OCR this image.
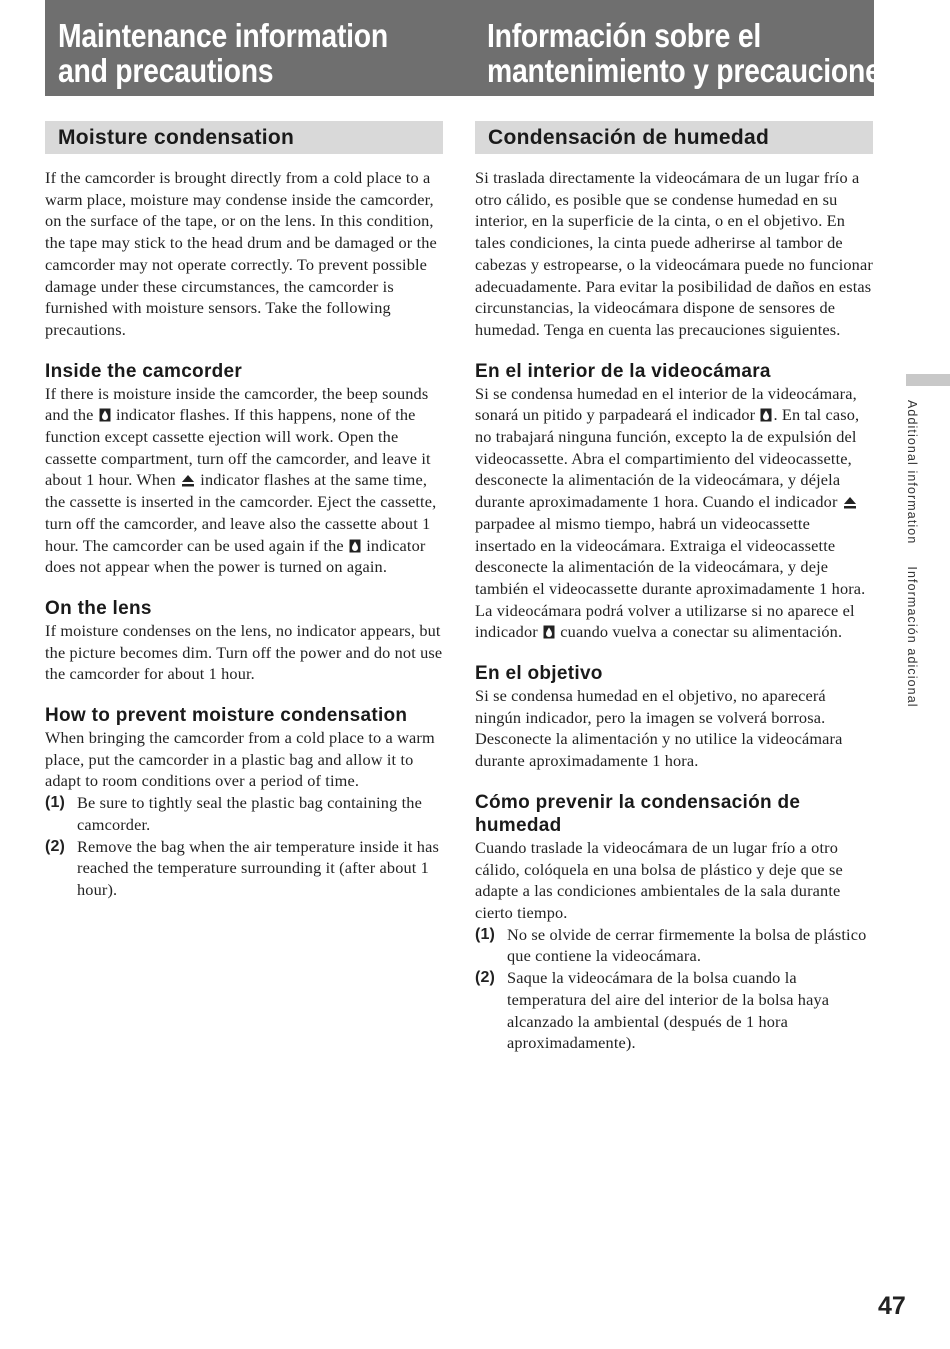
Maintenance information
and precautions
Información sobre el
mantenimiento y precauciones
Moisture condensation

If the camcorder is brought directly from a cold place to a warm place, moisture may condense inside the camcorder, on the surface of the tape, or on the lens. In this condition, the tape may stick to the head drum and be damaged or the camcorder may not operate correctly. To prevent possible damage under these circumstances, the camcorder is furnished with moisture sensors. Take the following precautions.

Inside the camcorder

If there is moisture inside the camcorder, the beep sounds and the
indicator flashes. If this happens, none of the function except cassette ejection will work. Open the cassette compartment, turn off the camcorder, and leave it about 1 hour. When
indicator flashes at the same time, the cassette is inserted in the camcorder. Eject the cassette, turn off the camcorder, and leave also the cassette about 1 hour. The camcorder can be used again if the
indicator does not appear when the power is turned on again.

On the lens

If moisture condenses on the lens, no indicator appears, but the picture becomes dim. Turn off the power and do not use the camcorder for about 1 hour.

How to prevent moisture condensation

When bringing the camcorder from a cold place to a warm place, put the camcorder in a plastic bag and allow it to adapt to room conditions over a period of time.

(1) Be sure to tightly seal the plastic bag containing the camcorder.
(2) Remove the bag when the air temperature inside it has reached the temperature surrounding it (after about 1 hour).
Condensación de humedad

Si traslada directamente la videocámara de un lugar frío a otro cálido, es posible que se condense humedad en su interior, en la superficie de la cinta, o en el objetivo. En tales condiciones, la cinta puede adherirse al tambor de cabezas y estropearse, o la videocámara puede no funcionar adecuadamente. Para evitar la posibilidad de daños en estas circunstancias, la videocámara dispone de sensores de humedad. Tenga en cuenta las precauciones siguientes.

En el interior de la videocámara

Si se condensa humedad en el interior de la videocámara, sonará un pitido y parpadeará el indicador
. En tal caso, no trabajará ninguna función, excepto la de expulsión del videocassette. Abra el compartimiento del videocassette, desconecte la alimentación de la videocámara, y déjela durante aproximadamente 1 hora. Cuando el indicador
parpadee al mismo tiempo, habrá un videocassette insertado en la videocámara. Extraiga el videocassette desconecte la alimentación de la videocámara, y deje también el videocassette durante aproximadamente 1 hora. La videocámara podrá volver a utilizarse si no aparece el indicador
cuando vuelva a conectar su alimentación.

En el objetivo

Si se condensa humedad en el objetivo, no aparecerá ningún indicador, pero la imagen se volverá borrosa. Desconecte la alimentación y no utilice la videocámara durante aproximadamente 1 hora.

Cómo prevenir la condensación de humedad

Cuando traslade la videocámara de un lugar frío a otro cálido, colóquela en una bolsa de plástico y deje que se adapte a las condiciones ambientales de la sala durante cierto tiempo.

(1) No se olvide de cerrar firmemente la bolsa de plástico que contiene la videocámara.
(2) Saque la videocámara de la bolsa cuando la temperatura del aire del interior de la bolsa haya alcanzado la ambiental (después de 1 hora aproximadamente).
Additional informationInformación adicional
47
